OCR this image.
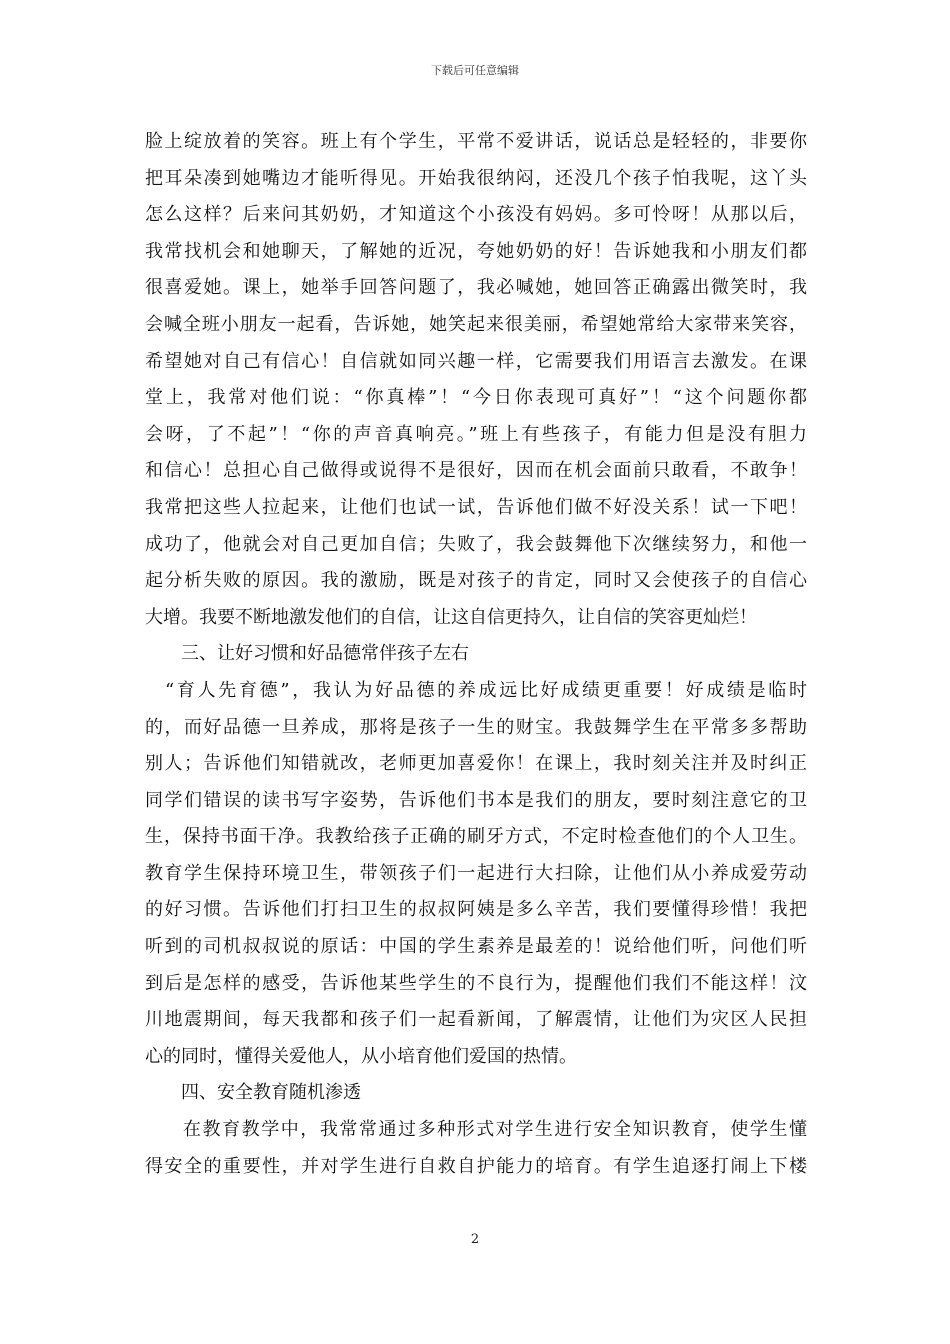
下载后可任意编辑
脸上绽放着的笑容。班上有个学生，平常不爱讲话，说话总是轻轻的，非要你
把耳朵凑到她嘴边才能听得见。开始我很纳闷，还没几个孩子怕我呢，这丫头
怎么这样？后来问其奶奶，才知道这个小孩没有妈妈。多可怜呀！从那以后，
我常找机会和她聊天，了解她的近况，夸她奶奶的好！告诉她我和小朋友们都
很喜爱她。课上，她举手回答问题了，我必喊她，她回答正确露出微笑时，我
会喊全班小朋友一起看，告诉她，她笑起来很美丽，希望她常给大家带来笑容，
希望她对自己有信心！自信就如同兴趣一样，它需要我们用语言去激发。在课
堂上，我常对他们说：“你真棒”！“今日你表现可真好”！“这个问题你都
会呀，了不起”！“你的声音真响亮。”班上有些孩子，有能力但是没有胆力
和信心！总担心自己做得或说得不是很好，因而在机会面前只敢看，不敢争！
我常把这些人拉起来，让他们也试一试，告诉他们做不好没关系！试一下吧！
成功了，他就会对自己更加自信；失败了，我会鼓舞他下次继续努力，和他一
起分析失败的原因。我的激励，既是对孩子的肯定，同时又会使孩子的自信心
大增。我要不断地激发他们的自信，让这自信更持久，让自信的笑容更灿烂！
三、让好习惯和好品德常伴孩子左右
“育人先育德”，我认为好品德的养成远比好成绩更重要！好成绩是临时
的，而好品德一旦养成，那将是孩子一生的财宝。我鼓舞学生在平常多多帮助
别人；告诉他们知错就改，老师更加喜爱你！在课上，我时刻关注并及时纠正
同学们错误的读书写字姿势，告诉他们书本是我们的朋友，要时刻注意它的卫
生，保持书面干净。我教给孩子正确的刷牙方式，不定时检查他们的个人卫生。
教育学生保持环境卫生，带领孩子们一起进行大扫除，让他们从小养成爱劳动
的好习惯。告诉他们打扫卫生的叔叔阿姨是多么辛苦，我们要懂得珍惜！我把
听到的司机叔叔说的原话：中国的学生素养是最差的！说给他们听，问他们听
到后是怎样的感受，告诉他某些学生的不良行为，提醒他们我们不能这样！汶
川地震期间，每天我都和孩子们一起看新闻，了解震情，让他们为灾区人民担
心的同时，懂得关爱他人，从小培育他们爱国的热情。
四、安全教育随机渗透
在教育教学中，我常常通过多种形式对学生进行安全知识教育，使学生懂
得安全的重要性，并对学生进行自救自护能力的培育。有学生追逐打闹上下楼
2
